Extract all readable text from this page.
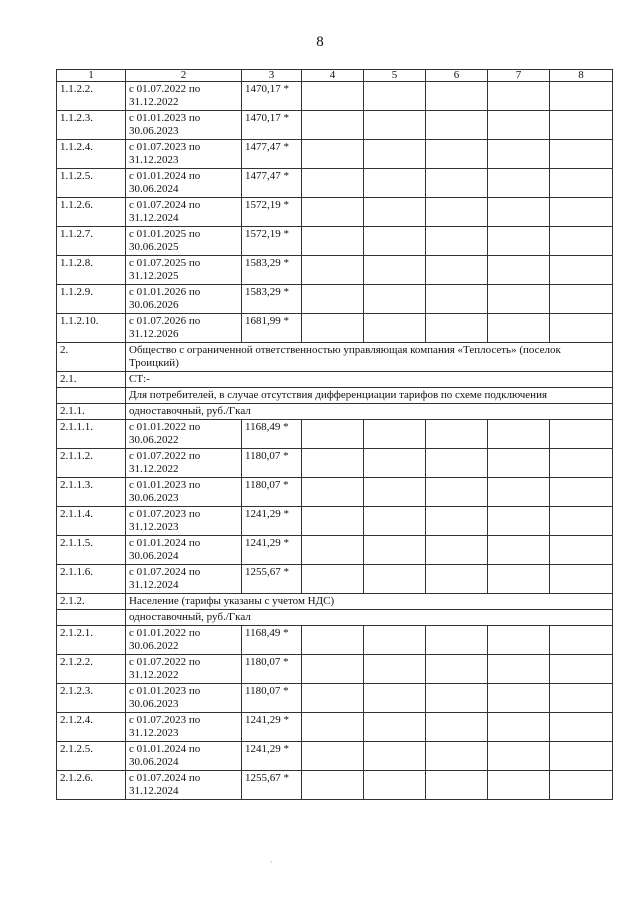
8
1	2	3	4	5	6	7	8
1.1.2.2.	с 01.07.2022 по 31.12.2022	1470,17 *					
1.1.2.3.	с 01.01.2023 по 30.06.2023	1470,17 *					
1.1.2.4.	с 01.07.2023 по 31.12.2023	1477,47 *					
1.1.2.5.	с 01.01.2024 по 30.06.2024	1477,47 *					
1.1.2.6.	с 01.07.2024 по 31.12.2024	1572,19 *					
1.1.2.7.	с 01.01.2025 по 30.06.2025	1572,19 *					
1.1.2.8.	с 01.07.2025 по 31.12.2025	1583,29 *					
1.1.2.9.	с 01.01.2026 по 30.06.2026	1583,29 *					
1.1.2.10.	с 01.07.2026 по 31.12.2026	1681,99 *					
2.	Общество с ограниченной ответственностью управляющая компания «Теплосеть» (поселок Троицкий)						
2.1.	СТ:-						
	Для потребителей, в случае отсутствия дифференциации тарифов по схеме подключения						
2.1.1.	одноставочный, руб./Гкал						
2.1.1.1.	с 01.01.2022 по 30.06.2022	1168,49 *					
2.1.1.2.	с 01.07.2022 по 31.12.2022	1180,07 *					
2.1.1.3.	с 01.01.2023 по 30.06.2023	1180,07 *					
2.1.1.4.	с 01.07.2023 по 31.12.2023	1241,29 *					
2.1.1.5.	с 01.01.2024 по 30.06.2024	1241,29 *					
2.1.1.6.	с 01.07.2024 по 31.12.2024	1255,67 *					
2.1.2.	Население (тарифы указаны с учетом НДС)						
	одноставочный, руб./Гкал						
2.1.2.1.	с 01.01.2022 по 30.06.2022	1168,49 *					
2.1.2.2.	с 01.07.2022 по 31.12.2022	1180,07 *					
2.1.2.3.	с 01.01.2023 по 30.06.2023	1180,07 *					
2.1.2.4.	с 01.07.2023 по 31.12.2023	1241,29 *					
2.1.2.5.	с 01.01.2024 по 30.06.2024	1241,29 *					
2.1.2.6.	с 01.07.2024 по 31.12.2024	1255,67 *					
·
